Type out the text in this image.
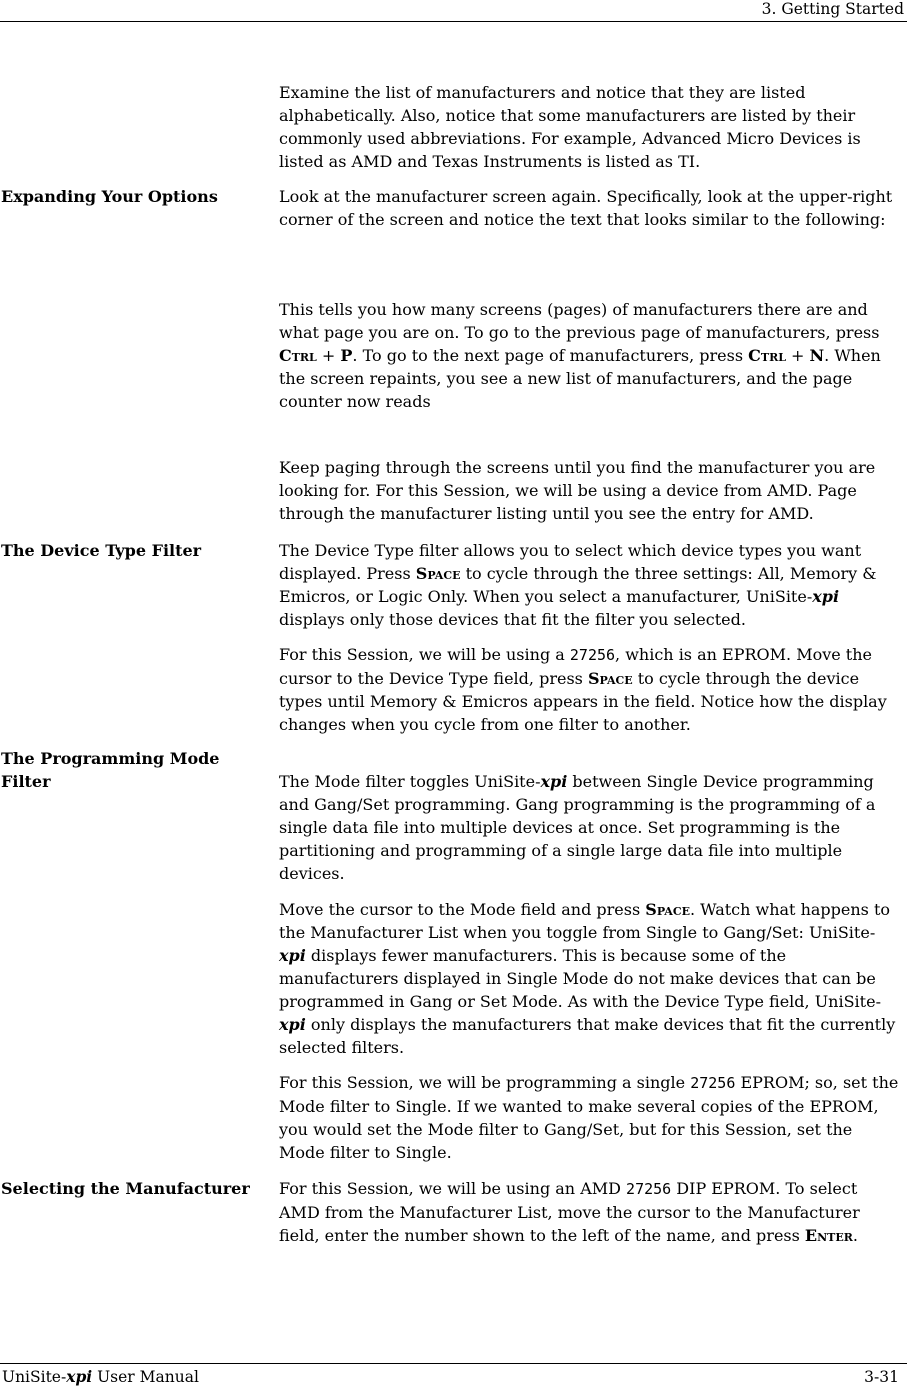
3. Getting Started

Examine the list of manufacturers and notice that they are listed alphabetically. Also, notice that some manufacturers are listed by their commonly used abbreviations. For example, Advanced Micro Devices is listed as AMD and Texas Instruments is listed as TI.

Expanding Your Options	Look at the manufacturer screen again. Specifically, look at the upper-right corner of the screen and notice the text that looks similar to the following:

This tells you how many screens (pages) of manufacturers there are and what page you are on. To go to the previous page of manufacturers, press Ctrl + P. To go to the next page of manufacturers, press Ctrl + N. When the screen repaints, you see a new list of manufacturers, and the page counter now reads

Keep paging through the screens until you find the manufacturer you are looking for. For this Session, we will be using a device from AMD. Page through the manufacturer listing until you see the entry for AMD.

The Device Type Filter	The Device Type filter allows you to select which device types you want displayed. Press Space to cycle through the three settings: All, Memory & Emicros, or Logic Only. When you select a manufacturer, UniSite-xpi displays only those devices that fit the filter you selected.

For this Session, we will be using a 27256, which is an EPROM. Move the cursor to the Device Type field, press Space to cycle through the device types until Memory & Emicros appears in the field. Notice how the display changes when you cycle from one filter to another.

The Programming Mode
Filter	The Mode filter toggles UniSite-xpi between Single Device programming and Gang/Set programming. Gang programming is the programming of a single data file into multiple devices at once. Set programming is the partitioning and programming of a single large data file into multiple devices.

Move the cursor to the Mode field and press Space. Watch what happens to the Manufacturer List when you toggle from Single to Gang/Set: UniSite-xpi displays fewer manufacturers. This is because some of the manufacturers displayed in Single Mode do not make devices that can be programmed in Gang or Set Mode. As with the Device Type field, UniSite-xpi only displays the manufacturers that make devices that fit the currently selected filters.

For this Session, we will be programming a single 27256 EPROM; so, set the Mode filter to Single. If we wanted to make several copies of the EPROM, you would set the Mode filter to Gang/Set, but for this Session, set the Mode filter to Single.

Selecting the Manufacturer	For this Session, we will be using an AMD 27256 DIP EPROM. To select AMD from the Manufacturer List, move the cursor to the Manufacturer field, enter the number shown to the left of the name, and press Enter.

UniSite-xpi User Manual	3-31
